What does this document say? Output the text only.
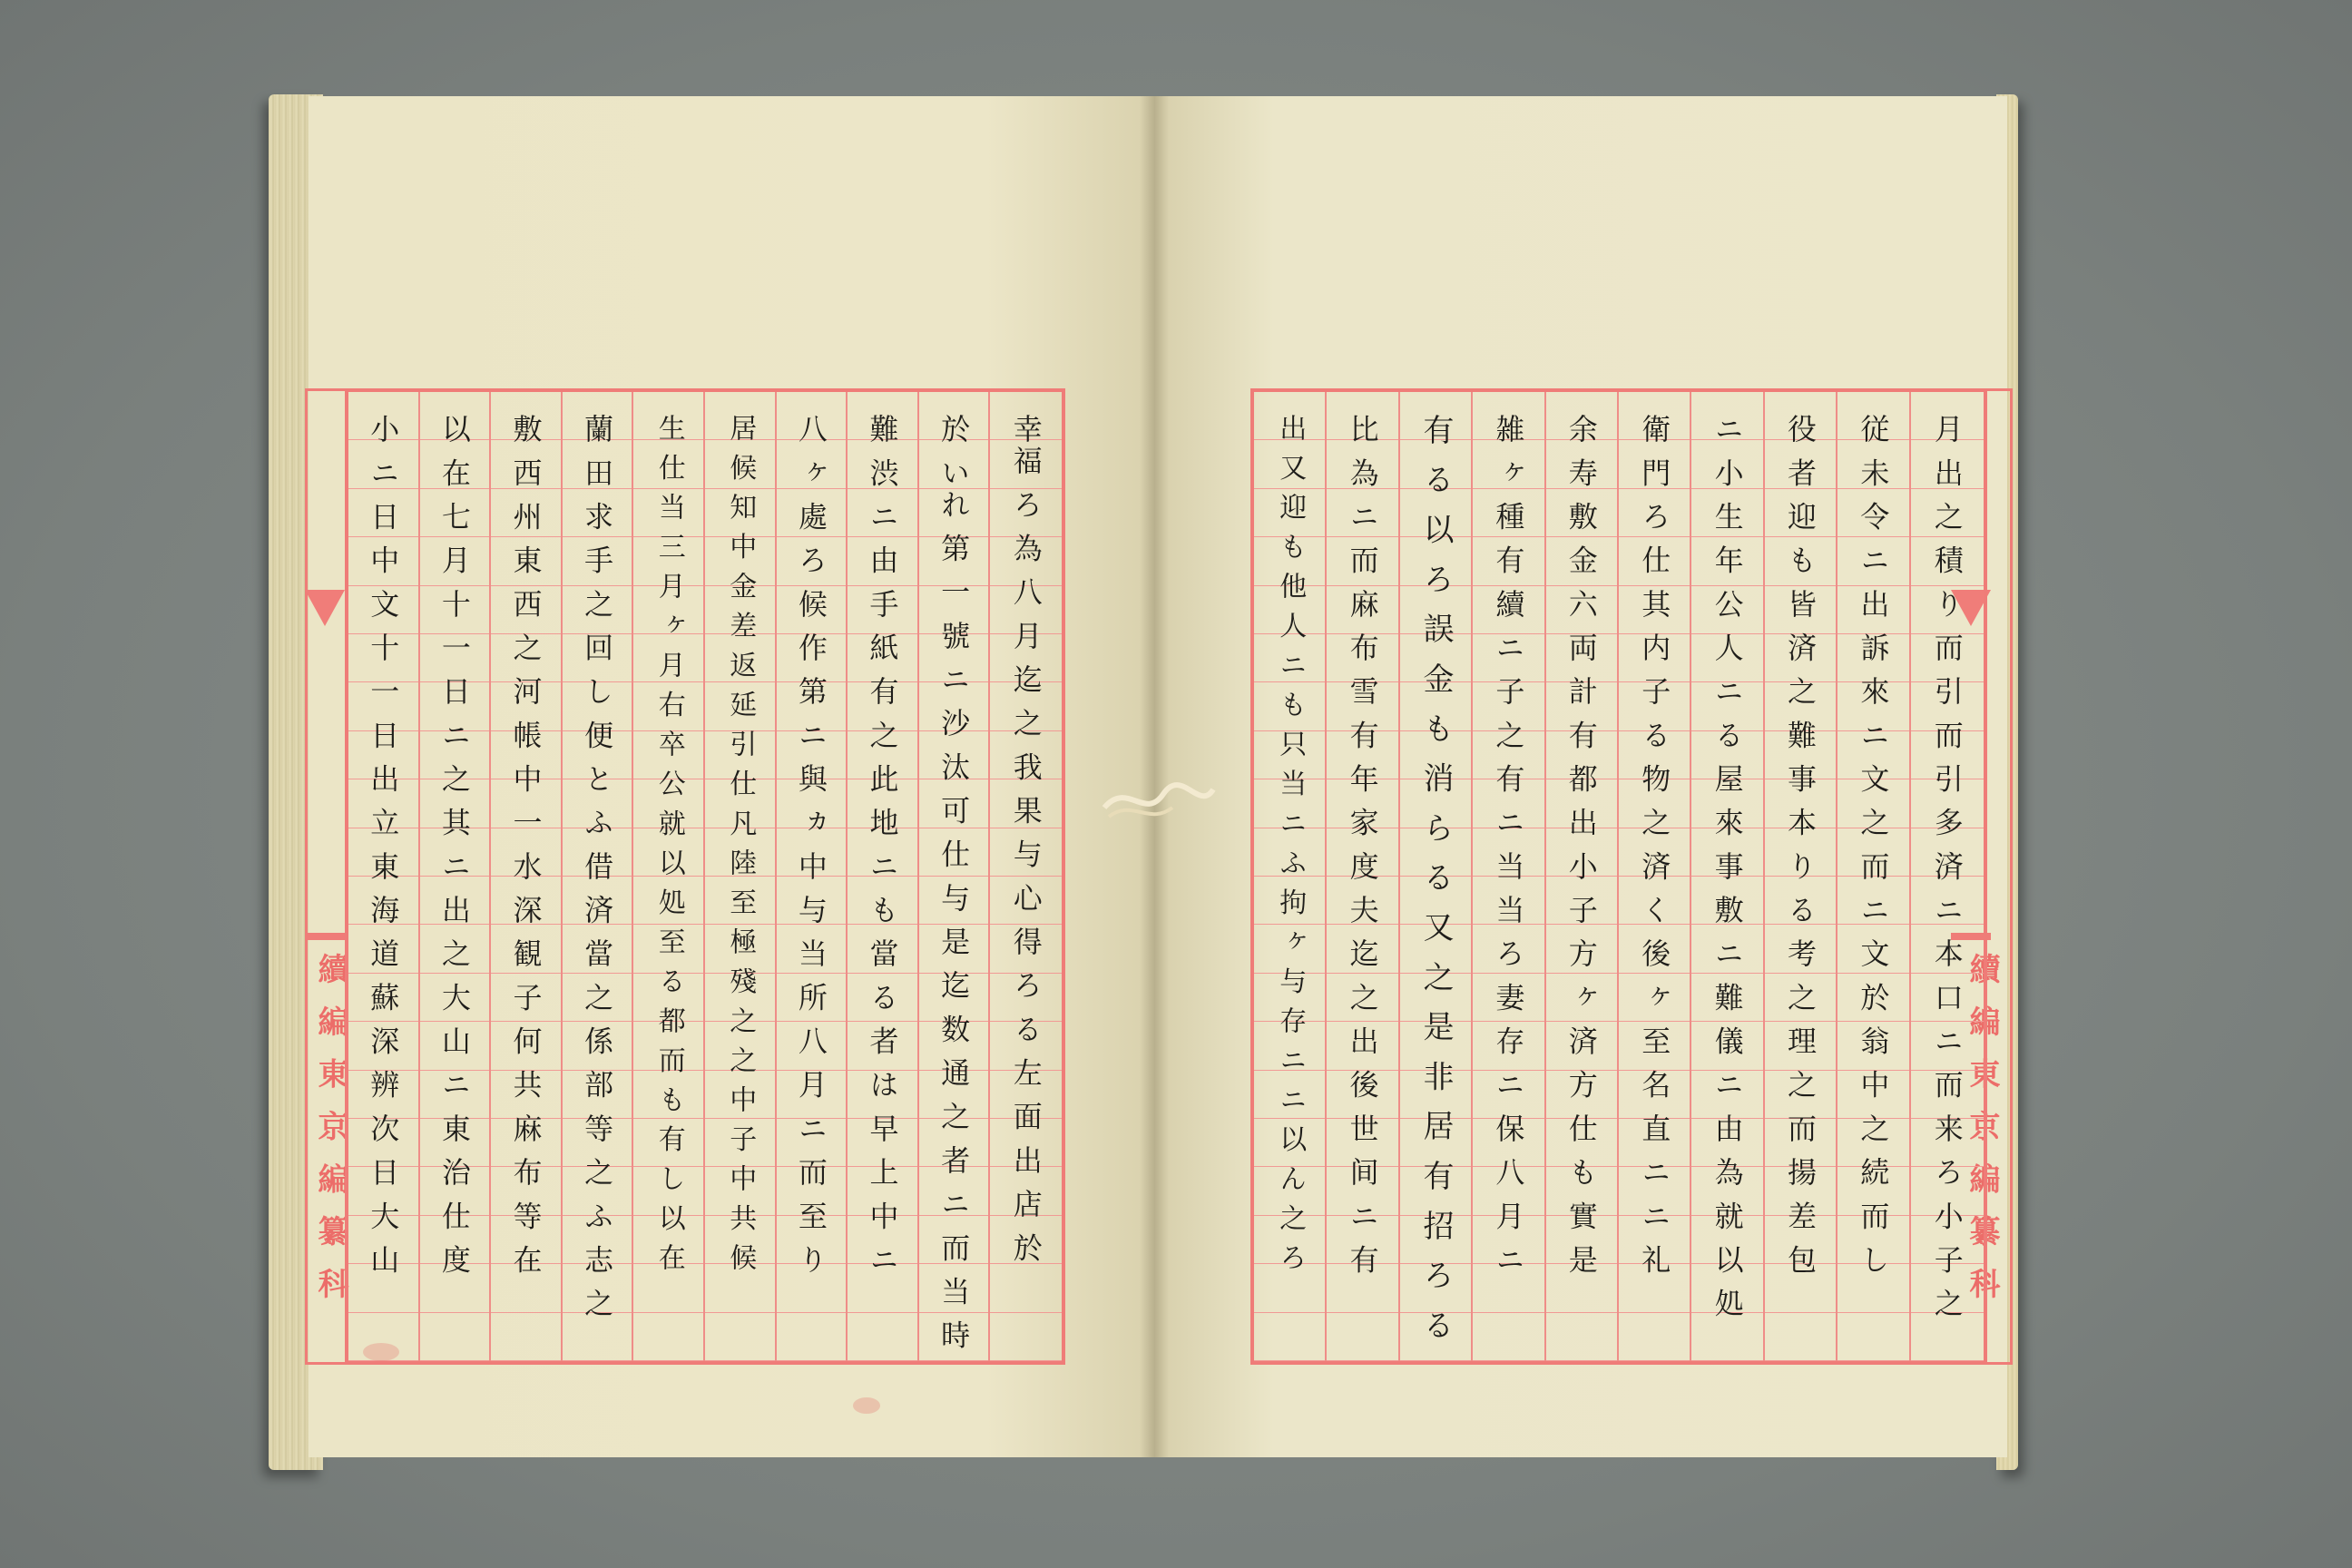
續 編 東 京 編 纂 科	續 編 東 京 編 纂 科
小 ニ 日 中 文 十 一 日 出 立 東 海 道 蘇 深 辨 次 日 大 山 以 在 七 月 十 一 日 ニ 之 其 ニ 出 之 大 山 ニ 東 治 仕 度 敷 西 州 東 西 之 河 帳 中 一 水 深 観 子 何 共 麻 布 等 在 蘭 田 求 手 之 回 し 便 と ふ 借 済 當 之 係 部 等 之 ふ 志 之 生 仕 当 三 月 ヶ 月 右 卒 公 就 以 処 至 る 都 而 も 有 し 以 在 居 候 知 中 金 差 返 延 引 仕 凡 陸 至 極 殘 之 之 中 子 中 共 候 八 ヶ 處 ろ 候 作 第 ニ 與 ヵ 中 与 当 所 八 月 ニ 而 至 り 難 渋 ニ 由 手 紙 有 之 此 地 ニ も 當 る 者 は 早 上 中 ニ 於 いれ 第 一 號 ニ 沙 汰 可 仕 与 是 迄 数 通 之 者 ニ 而 当 時 幸福 ろ 為 八 月 迄 之 我 果 与 心 得 ろ る 左 面 出 店 於	出 又 迎 も 他 人 ニ も 只 当 ニ ふ 拘 ヶ 与 存 ニ ニ 以 ん 之 ろ 比 為 ニ 而 麻 布 雪 有 年 家 度 夫 迄 之 出 後 世 间 ニ 有 有 る 以 ろ 誤 金 も 消 ら る 又 之 是 非 居 有 招 ろ る 雑 ヶ 種 有 續 ニ 子 之 有 ニ 当 当 ろ 妻 存 ニ 保 八 月 ニ 余 寿 敷 金 六 両 計 有 都 出 小 子 方 ヶ 済 方 仕 も 實 是 衛 門 ろ 仕 其 内 子 る 物 之 済 く 後 ヶ 至 名 直 ニ ニ 礼 ニ 小 生 年 公 人 ニ る 屋 來 事 敷 ニ 難 儀 ニ 由 為 就 以 処 役 者 迎 も 皆 済 之 難 事 本 り る 考 之 理 之 而 揚 差 包 従 未 令 ニ 出 訴 來 ニ 文 之 而 ニ 文 於 翁 中 之 続 而 し 月 出 之 積 り 而 引 而 引 多 済 ニ 本 口 ニ 而 来 ろ 小 子 之
